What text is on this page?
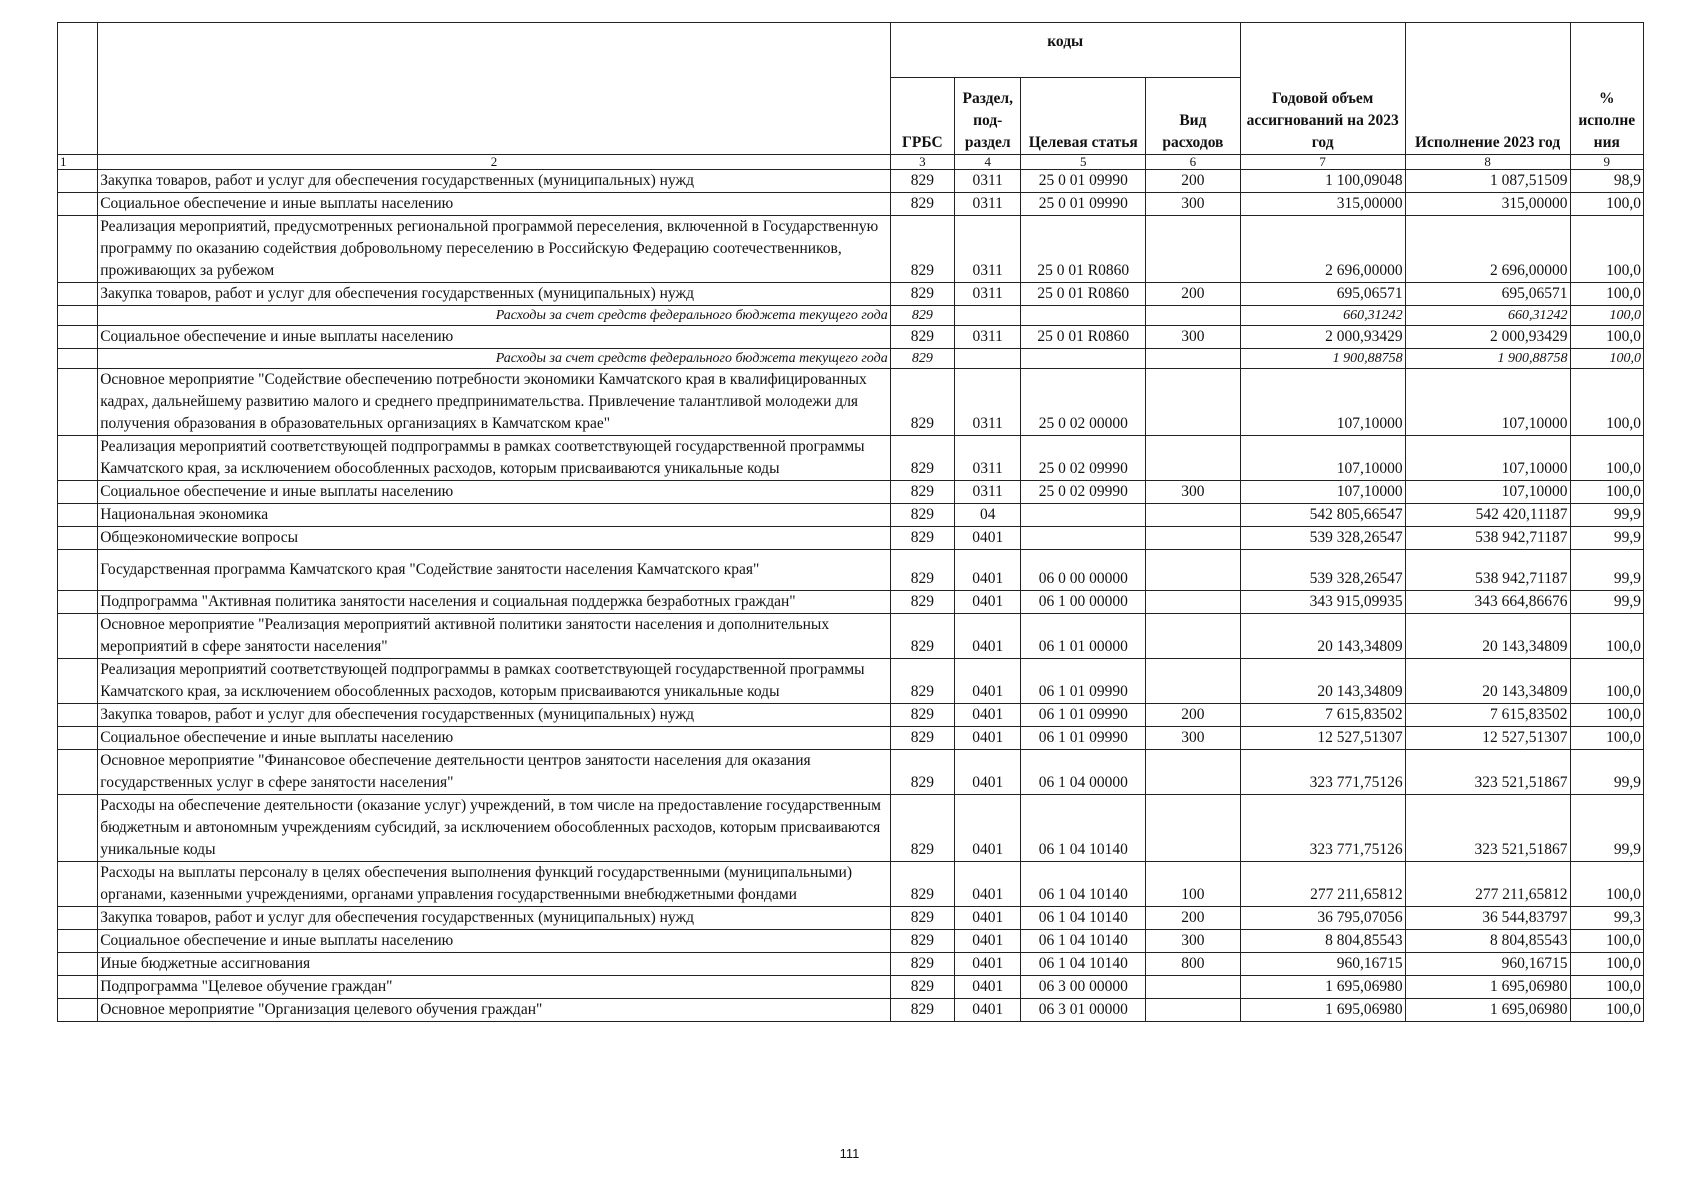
		коды				Годовой объем ассигнований на 2023 год	Исполнение 2023 год	% исполне ния
		ГРБС	Раздел, под-раздел	Целевая статья	Вид расходов			
1	2	3	4	5	6	7	8	9
	Закупка товаров, работ и услуг для обеспечения государственных (муниципальных) нужд	829	0311	25 0 01 09990	200	1 100,09048	1 087,51509	98,9
	Социальное обеспечение и иные выплаты населению	829	0311	25 0 01 09990	300	315,00000	315,00000	100,0
	Реализация мероприятий, предусмотренных региональной программой переселения, включенной в Государственную программу по оказанию содействия добровольному переселению в Российскую Федерацию соотечественников, проживающих за рубежом	829	0311	25 0 01 R0860		2 696,00000	2 696,00000	100,0
	Закупка товаров, работ и услуг для обеспечения государственных (муниципальных) нужд	829	0311	25 0 01 R0860	200	695,06571	695,06571	100,0
	Расходы за счет средств федерального бюджета текущего года	829				660,31242	660,31242	100,0
	Социальное обеспечение и иные выплаты населению	829	0311	25 0 01 R0860	300	2 000,93429	2 000,93429	100,0
	Расходы за счет средств федерального бюджета текущего года	829				1 900,88758	1 900,88758	100,0
	Основное мероприятие "Содействие обеспечению потребности экономики Камчатского края в квалифицированных кадрах, дальнейшему развитию малого и среднего предпринимательства. Привлечение талантливой молодежи для получения образования в образовательных организациях в Камчатском крае"	829	0311	25 0 02 00000		107,10000	107,10000	100,0
	Реализация мероприятий соответствующей подпрограммы в рамках соответствующей государственной программы Камчатского края, за исключением обособленных расходов, которым присваиваются уникальные коды	829	0311	25 0 02 09990		107,10000	107,10000	100,0
	Социальное обеспечение и иные выплаты населению	829	0311	25 0 02 09990	300	107,10000	107,10000	100,0
	Национальная экономика	829	04			542 805,66547	542 420,11187	99,9
	Общеэкономические вопросы	829	0401			539 328,26547	538 942,71187	99,9
	Государственная программа Камчатского края "Содействие занятости населения Камчатского края"	829	0401	06 0 00 00000		539 328,26547	538 942,71187	99,9
	Подпрограмма "Активная политика занятости населения и социальная поддержка безработных граждан"	829	0401	06 1 00 00000		343 915,09935	343 664,86676	99,9
	Основное мероприятие "Реализация мероприятий активной политики занятости населения и дополнительных мероприятий в сфере занятости населения"	829	0401	06 1 01 00000		20 143,34809	20 143,34809	100,0
	Реализация мероприятий соответствующей подпрограммы в рамках соответствующей государственной программы Камчатского края, за исключением обособленных расходов, которым присваиваются уникальные коды	829	0401	06 1 01 09990		20 143,34809	20 143,34809	100,0
	Закупка товаров, работ и услуг для обеспечения государственных (муниципальных) нужд	829	0401	06 1 01 09990	200	7 615,83502	7 615,83502	100,0
	Социальное обеспечение и иные выплаты населению	829	0401	06 1 01 09990	300	12 527,51307	12 527,51307	100,0
	Основное мероприятие "Финансовое обеспечение деятельности центров занятости населения для оказания государственных услуг в сфере занятости населения"	829	0401	06 1 04 00000		323 771,75126	323 521,51867	99,9
	Расходы на обеспечение деятельности (оказание услуг) учреждений, в том числе на предоставление государственным бюджетным и автономным учреждениям субсидий, за исключением обособленных расходов, которым присваиваются уникальные коды	829	0401	06 1 04 10140		323 771,75126	323 521,51867	99,9
	Расходы на выплаты персоналу в целях обеспечения выполнения функций государственными (муниципальными) органами, казенными учреждениями, органами управления государственными внебюджетными фондами	829	0401	06 1 04 10140	100	277 211,65812	277 211,65812	100,0
	Закупка товаров, работ и услуг для обеспечения государственных (муниципальных) нужд	829	0401	06 1 04 10140	200	36 795,07056	36 544,83797	99,3
	Социальное обеспечение и иные выплаты населению	829	0401	06 1 04 10140	300	8 804,85543	8 804,85543	100,0
	Иные бюджетные ассигнования	829	0401	06 1 04 10140	800	960,16715	960,16715	100,0
	Подпрограмма "Целевое обучение граждан"	829	0401	06 3 00 00000		1 695,06980	1 695,06980	100,0
	Основное мероприятие "Организация целевого обучения граждан"	829	0401	06 3 01 00000		1 695,06980	1 695,06980	100,0
111
